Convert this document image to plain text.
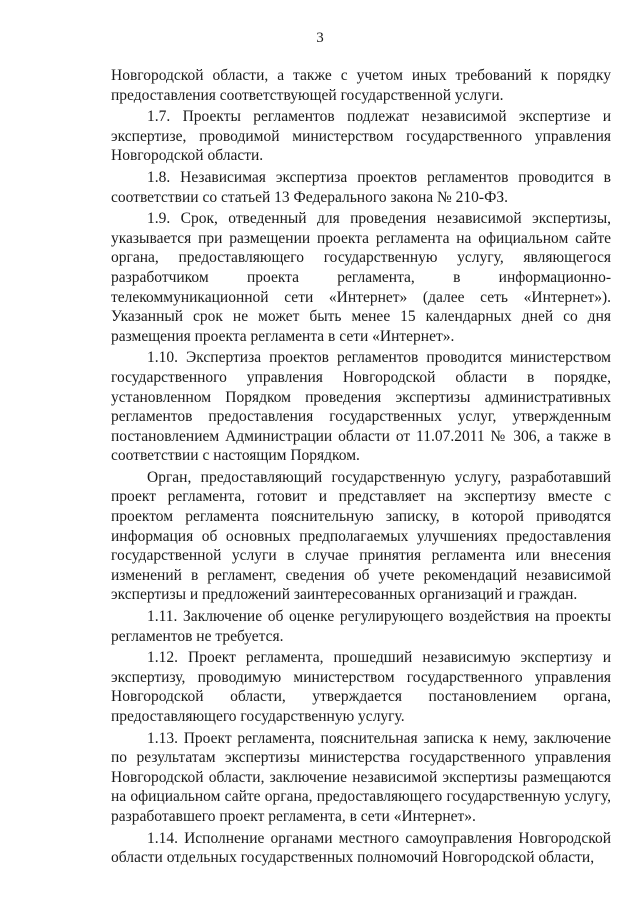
3

Новгородской области, а также с учетом иных требований к порядку предоставления соответствующей государственной услуги.

1.7. Проекты регламентов подлежат независимой экспертизе и экспертизе, проводимой министерством государственного управления Новгородской области.

1.8. Независимая экспертиза проектов регламентов проводится в соответствии со статьей 13 Федерального закона № 210-ФЗ.

1.9. Срок, отведенный для проведения независимой экспертизы, указывается при размещении проекта регламента на официальном сайте органа, предоставляющего государственную услугу, являющегося разработчиком проекта регламента, в информационно-телекоммуникационной сети «Интернет» (далее сеть «Интернет»). Указанный срок не может быть менее 15 календарных дней со дня размещения проекта регламента в сети «Интернет».

1.10. Экспертиза проектов регламентов проводится министерством государственного управления Новгородской области в порядке, установленном Порядком проведения экспертизы административных регламентов предоставления государственных услуг, утвержденным постановлением Администрации области от 11.07.2011 № 306, а также в соответствии с настоящим Порядком.

Орган, предоставляющий государственную услугу, разработавший проект регламента, готовит и представляет на экспертизу вместе с проектом регламента пояснительную записку, в которой приводятся информация об основных предполагаемых улучшениях предоставления государственной услуги в случае принятия регламента или внесения изменений в регламент, сведения об учете рекомендаций независимой экспертизы и предложений заинтересованных организаций и граждан.

1.11. Заключение об оценке регулирующего воздействия на проекты регламентов не требуется.

1.12. Проект регламента, прошедший независимую экспертизу и экспертизу, проводимую министерством государственного управления Новгородской области, утверждается постановлением органа, предоставляющего государственную услугу.

1.13. Проект регламента, пояснительная записка к нему, заключение по результатам экспертизы министерства государственного управления Новгородской области, заключение независимой экспертизы размещаются на официальном сайте органа, предоставляющего государственную услугу, разработавшего проект регламента, в сети «Интернет».

1.14. Исполнение органами местного самоуправления Новгородской области отдельных государственных полномочий Новгородской области,
